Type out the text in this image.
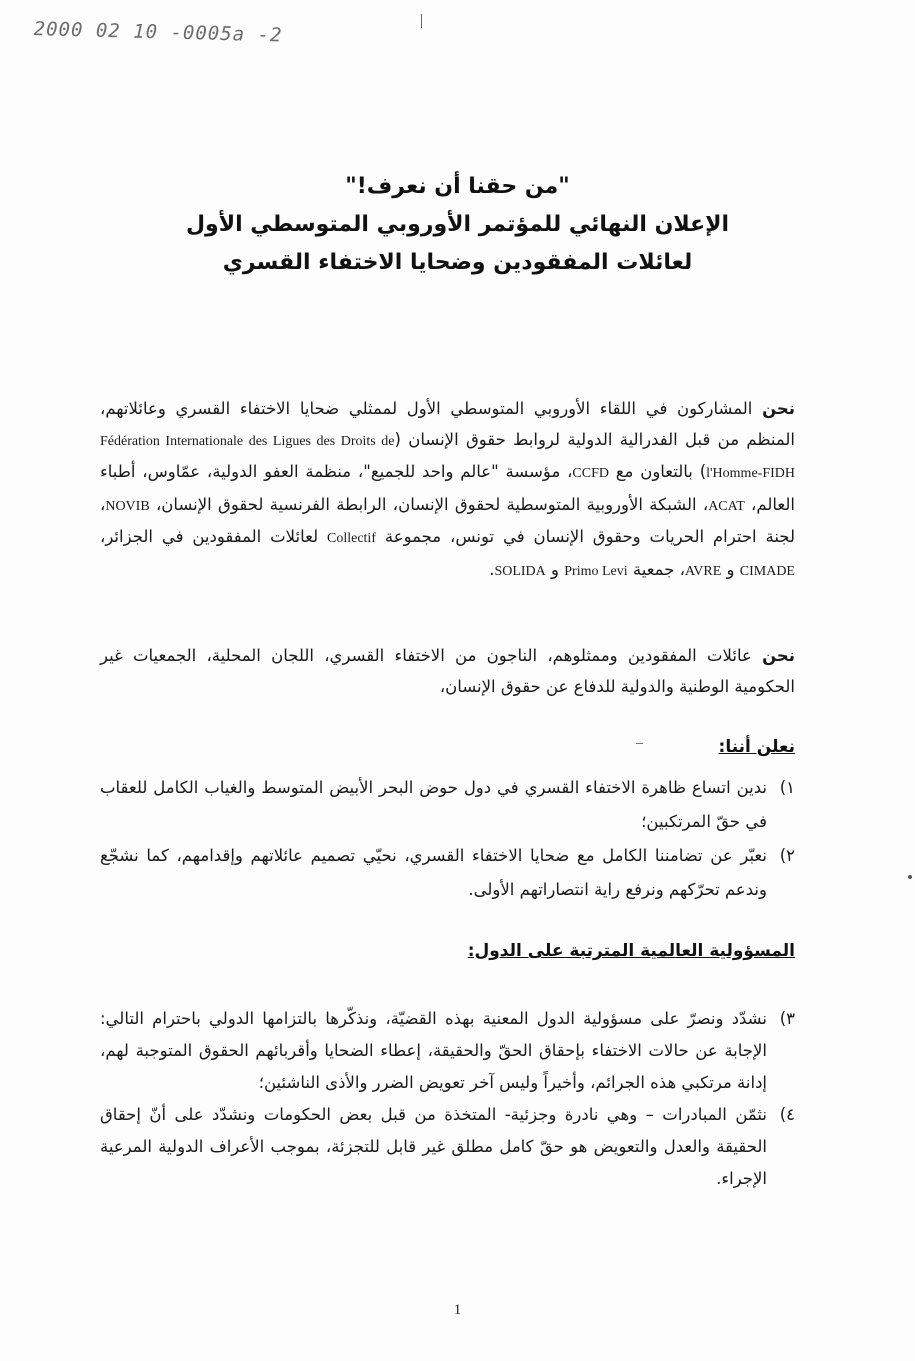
2000 02 10 -0005a -2
"من حقنا أن نعرف!"
الإعلان النهائي للمؤتمر الأوروبي المتوسطي الأول
لعائلات المفقودين وضحايا الاختفاء القسري
نحن المشاركون في اللقاء الأوروبي المتوسطي الأول لممثلي ضحايا الاختفاء القسري وعائلاتهم، المنظم من قبل الفدرالية الدولية لروابط حقوق الإنسان (Fédération Internationale des Ligues des Droits de l'Homme-FIDH) بالتعاون مع CCFD، مؤسسة "عالم واحد للجميع"، منظمة العفو الدولية، عمّاوس، أطباء العالم، ACAT، الشبكة الأوروبية المتوسطية لحقوق الإنسان، الرابطة الفرنسية لحقوق الإنسان، NOVIB، لجنة احترام الحريات وحقوق الإنسان في تونس، مجموعة Collectif لعائلات المفقودين في الجزائر، CIMADE و AVRE، جمعية Primo Levi و SOLIDA.
نحن عائلات المفقودين وممثلوهم، الناجون من الاختفاء القسري، اللجان المحلية، الجمعيات غير الحكومية الوطنية والدولية للدفاع عن حقوق الإنسان،
نعلن أننا:
١)
ندين اتساع ظاهرة الاختفاء القسري في دول حوض البحر الأبيض المتوسط والغياب الكامل للعقاب في حقّ المرتكبين؛
٢)
نعبّر عن تضامننا الكامل مع ضحايا الاختفاء القسري، نحيّي تصميم عائلاتهم وإقدامهم، كما نشجّع وندعم تحرّكهم ونرفع راية انتصاراتهم الأولى.
المسؤولية العالمية المترتبة على الدول:
٣)
نشدّد ونصرّ على مسؤولية الدول المعنية بهذه القضيّة، ونذكّرها بالتزامها الدولي باحترام التالي: الإجابة عن حالات الاختفاء بإحقاق الحقّ والحقيقة، إعطاء الضحايا وأقربائهم الحقوق المتوجبة لهم، إدانة مرتكبي هذه الجرائم، وأخيراً وليس آخر تعويض الضرر والأذى الناشئين؛
٤)
نثمّن المبادرات – وهي نادرة وجزئية- المتخذة من قبل بعض الحكومات ونشدّد على أنّ إحقاق الحقيقة والعدل والتعويض هو حقّ كامل مطلق غير قابل للتجزئة، بموجب الأعراف الدولية المرعية الإجراء.
1
